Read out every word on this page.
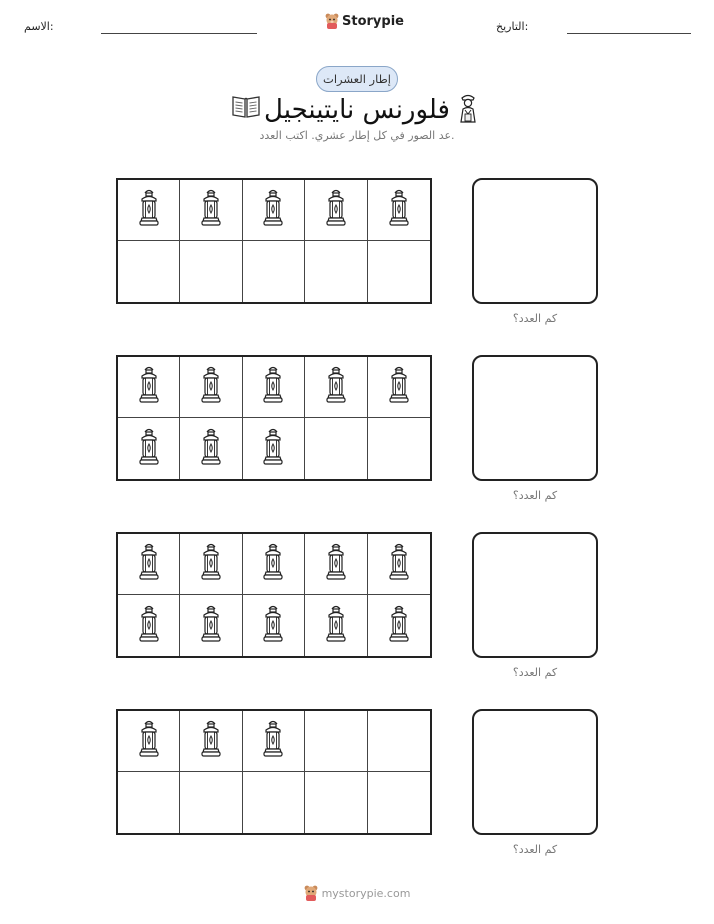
الاسم:	Storypie	التاريخ:
إطار العشرات
فلورنس نايتينجيل
عد الصور في كل إطار عشري. اكتب العدد.
كم العدد؟
كم العدد؟
كم العدد؟
كم العدد؟
mystorypie.com
